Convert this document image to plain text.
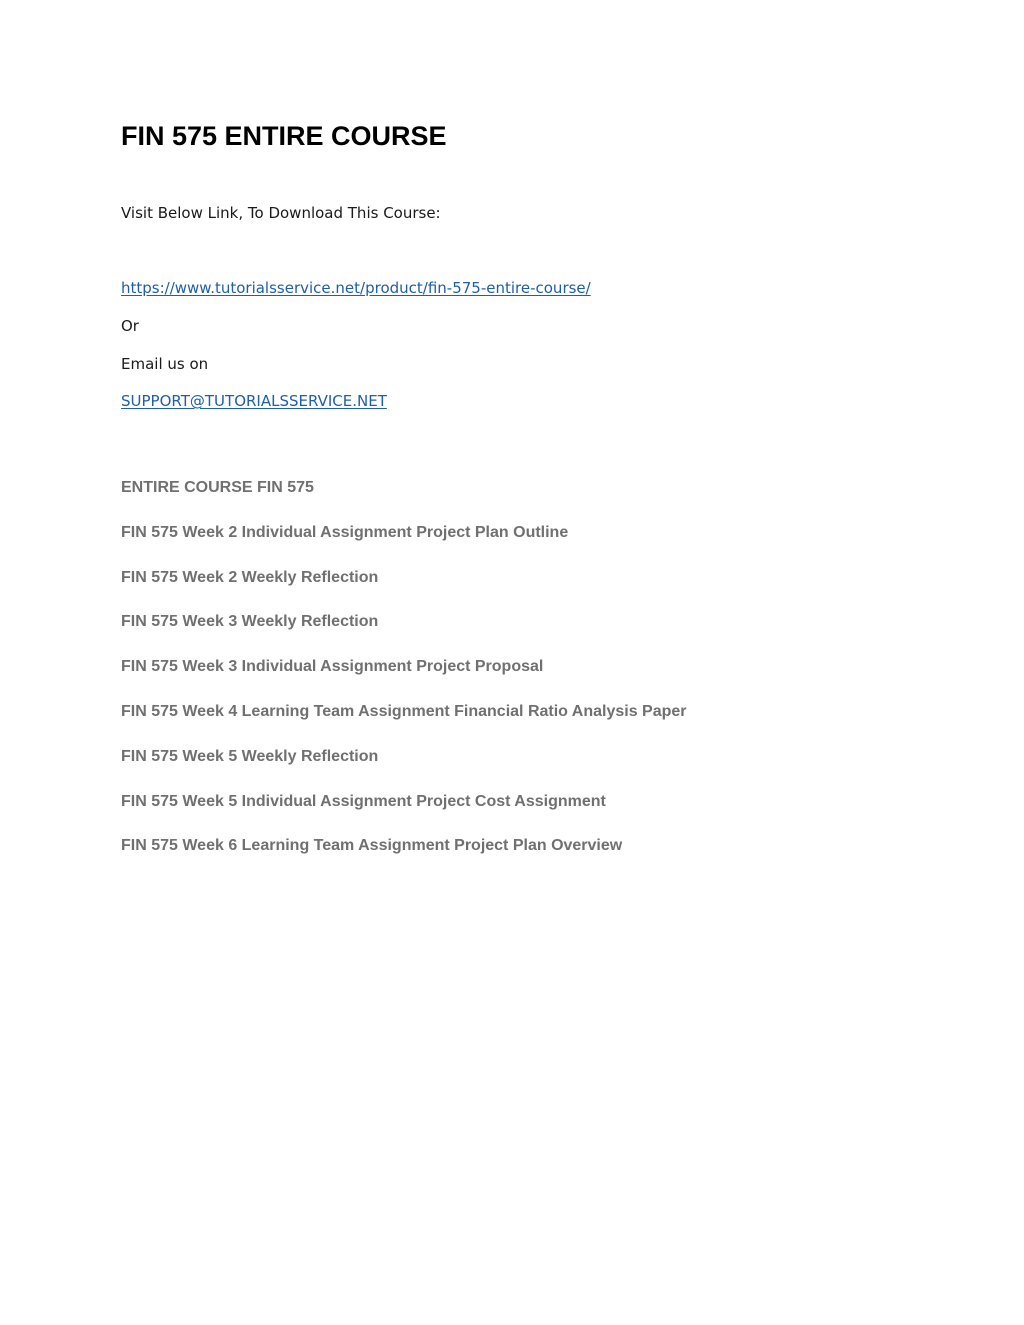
FIN 575 ENTIRE COURSE

Visit Below Link, To Download This Course:

https://www.tutorialsservice.net/product/fin-575-entire-course/

Or

Email us on

SUPPORT@TUTORIALSSERVICE.NET

ENTIRE COURSE FIN 575
FIN 575 Week 2 Individual Assignment Project Plan Outline
FIN 575 Week 2 Weekly Reflection
FIN 575 Week 3 Weekly Reflection
FIN 575 Week 3 Individual Assignment Project Proposal
FIN 575 Week 4 Learning Team Assignment Financial Ratio Analysis Paper
FIN 575 Week 5 Weekly Reflection
FIN 575 Week 5 Individual Assignment Project Cost Assignment
FIN 575 Week 6 Learning Team Assignment Project Plan Overview
